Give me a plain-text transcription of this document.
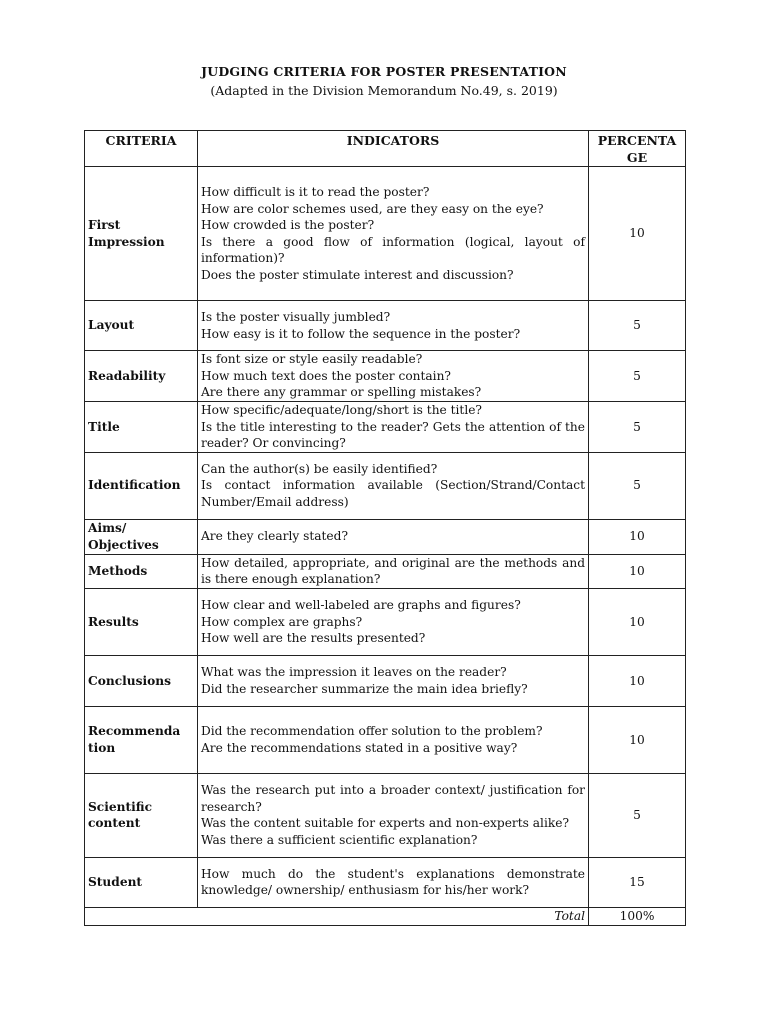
JUDGING CRITERIA FOR POSTER PRESENTATION
(Adapted in the Division Memorandum No.49, s. 2019)
CRITERIA	INDICATORS	PERCENTA GE
First Impression	How difficult is it to read the poster?
How are color schemes used, are they easy on the eye?
How crowded is the poster?
Is there a good flow of information (logical, layout of information)?
Does the poster stimulate interest and discussion?	10
Layout	Is the poster visually jumbled?
How easy is it to follow the sequence in the poster?	5
Readability	Is font size or style easily readable?
How much text does the poster contain?
Are there any grammar or spelling mistakes?	5
Title	How specific/adequate/long/short is the title?
Is the title interesting to the reader? Gets the attention of the reader? Or convincing?	5
Identification	Can the author(s) be easily identified?
Is contact information available (Section/Strand/Contact Number/Email address)	5
Aims/ Objectives	Are they clearly stated?	10
Methods	How detailed, appropriate, and original are the methods and is there enough explanation?	10
Results	How clear and well-labeled are graphs and figures?
How complex are graphs?
How well are the results presented?	10
Conclusions	What was the impression it leaves on the reader?
Did the researcher summarize the main idea briefly?	10
Recommenda tion	Did the recommendation offer solution to the problem?
Are the recommendations stated in a positive way?	10
Scientific content	Was the research put into a broader context/ justification for research?
Was the content suitable for experts and non-experts alike?
Was there a sufficient scientific explanation?	5
Student	How much do the student's explanations demonstrate knowledge/ ownership/ enthusiasm for his/her work?	15
	Total	100%
